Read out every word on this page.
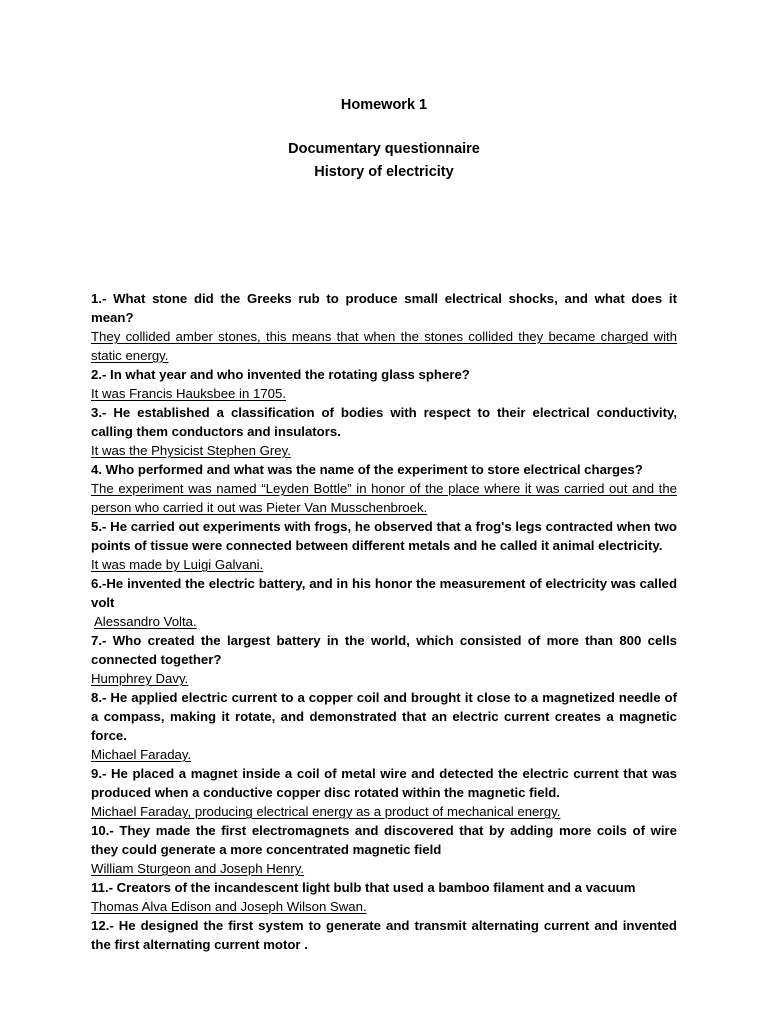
Homework 1
Documentary questionnaire
History of electricity

1.- What stone did the Greeks rub to produce small electrical shocks, and what does it mean?

They collided amber stones, this means that when the stones collided they became charged with static energy.

2.- In what year and who invented the rotating glass sphere?

It was Francis Hauksbee in 1705.

3.- He established a classification of bodies with respect to their electrical conductivity, calling them conductors and insulators.

It was the Physicist Stephen Grey.

4. Who performed and what was the name of the experiment to store electrical charges?

The experiment was named “Leyden Bottle” in honor of the place where it was carried out and the person who carried it out was Pieter Van Musschenbroek.

5.- He carried out experiments with frogs, he observed that a frog's legs contracted when two points of tissue were connected between different metals and he called it animal electricity.

It was made by Luigi Galvani.

6.-He invented the electric battery, and in his honor the measurement of electricity was called volt

Alessandro Volta.

7.- Who created the largest battery in the world, which consisted of more than 800 cells connected together?

Humphrey Davy.

8.- He applied electric current to a copper coil and brought it close to a magnetized needle of a compass, making it rotate, and demonstrated that an electric current creates a magnetic force.

Michael Faraday.

9.- He placed a magnet inside a coil of metal wire and detected the electric current that was produced when a conductive copper disc rotated within the magnetic field.

Michael Faraday, producing electrical energy as a product of mechanical energy.

10.- They made the first electromagnets and discovered that by adding more coils of wire they could generate a more concentrated magnetic field

William Sturgeon and Joseph Henry.

11.- Creators of the incandescent light bulb that used a bamboo filament and a vacuum

Thomas Alva Edison and Joseph Wilson Swan.

12.- He designed the first system to generate and transmit alternating current and invented the first alternating current motor .
